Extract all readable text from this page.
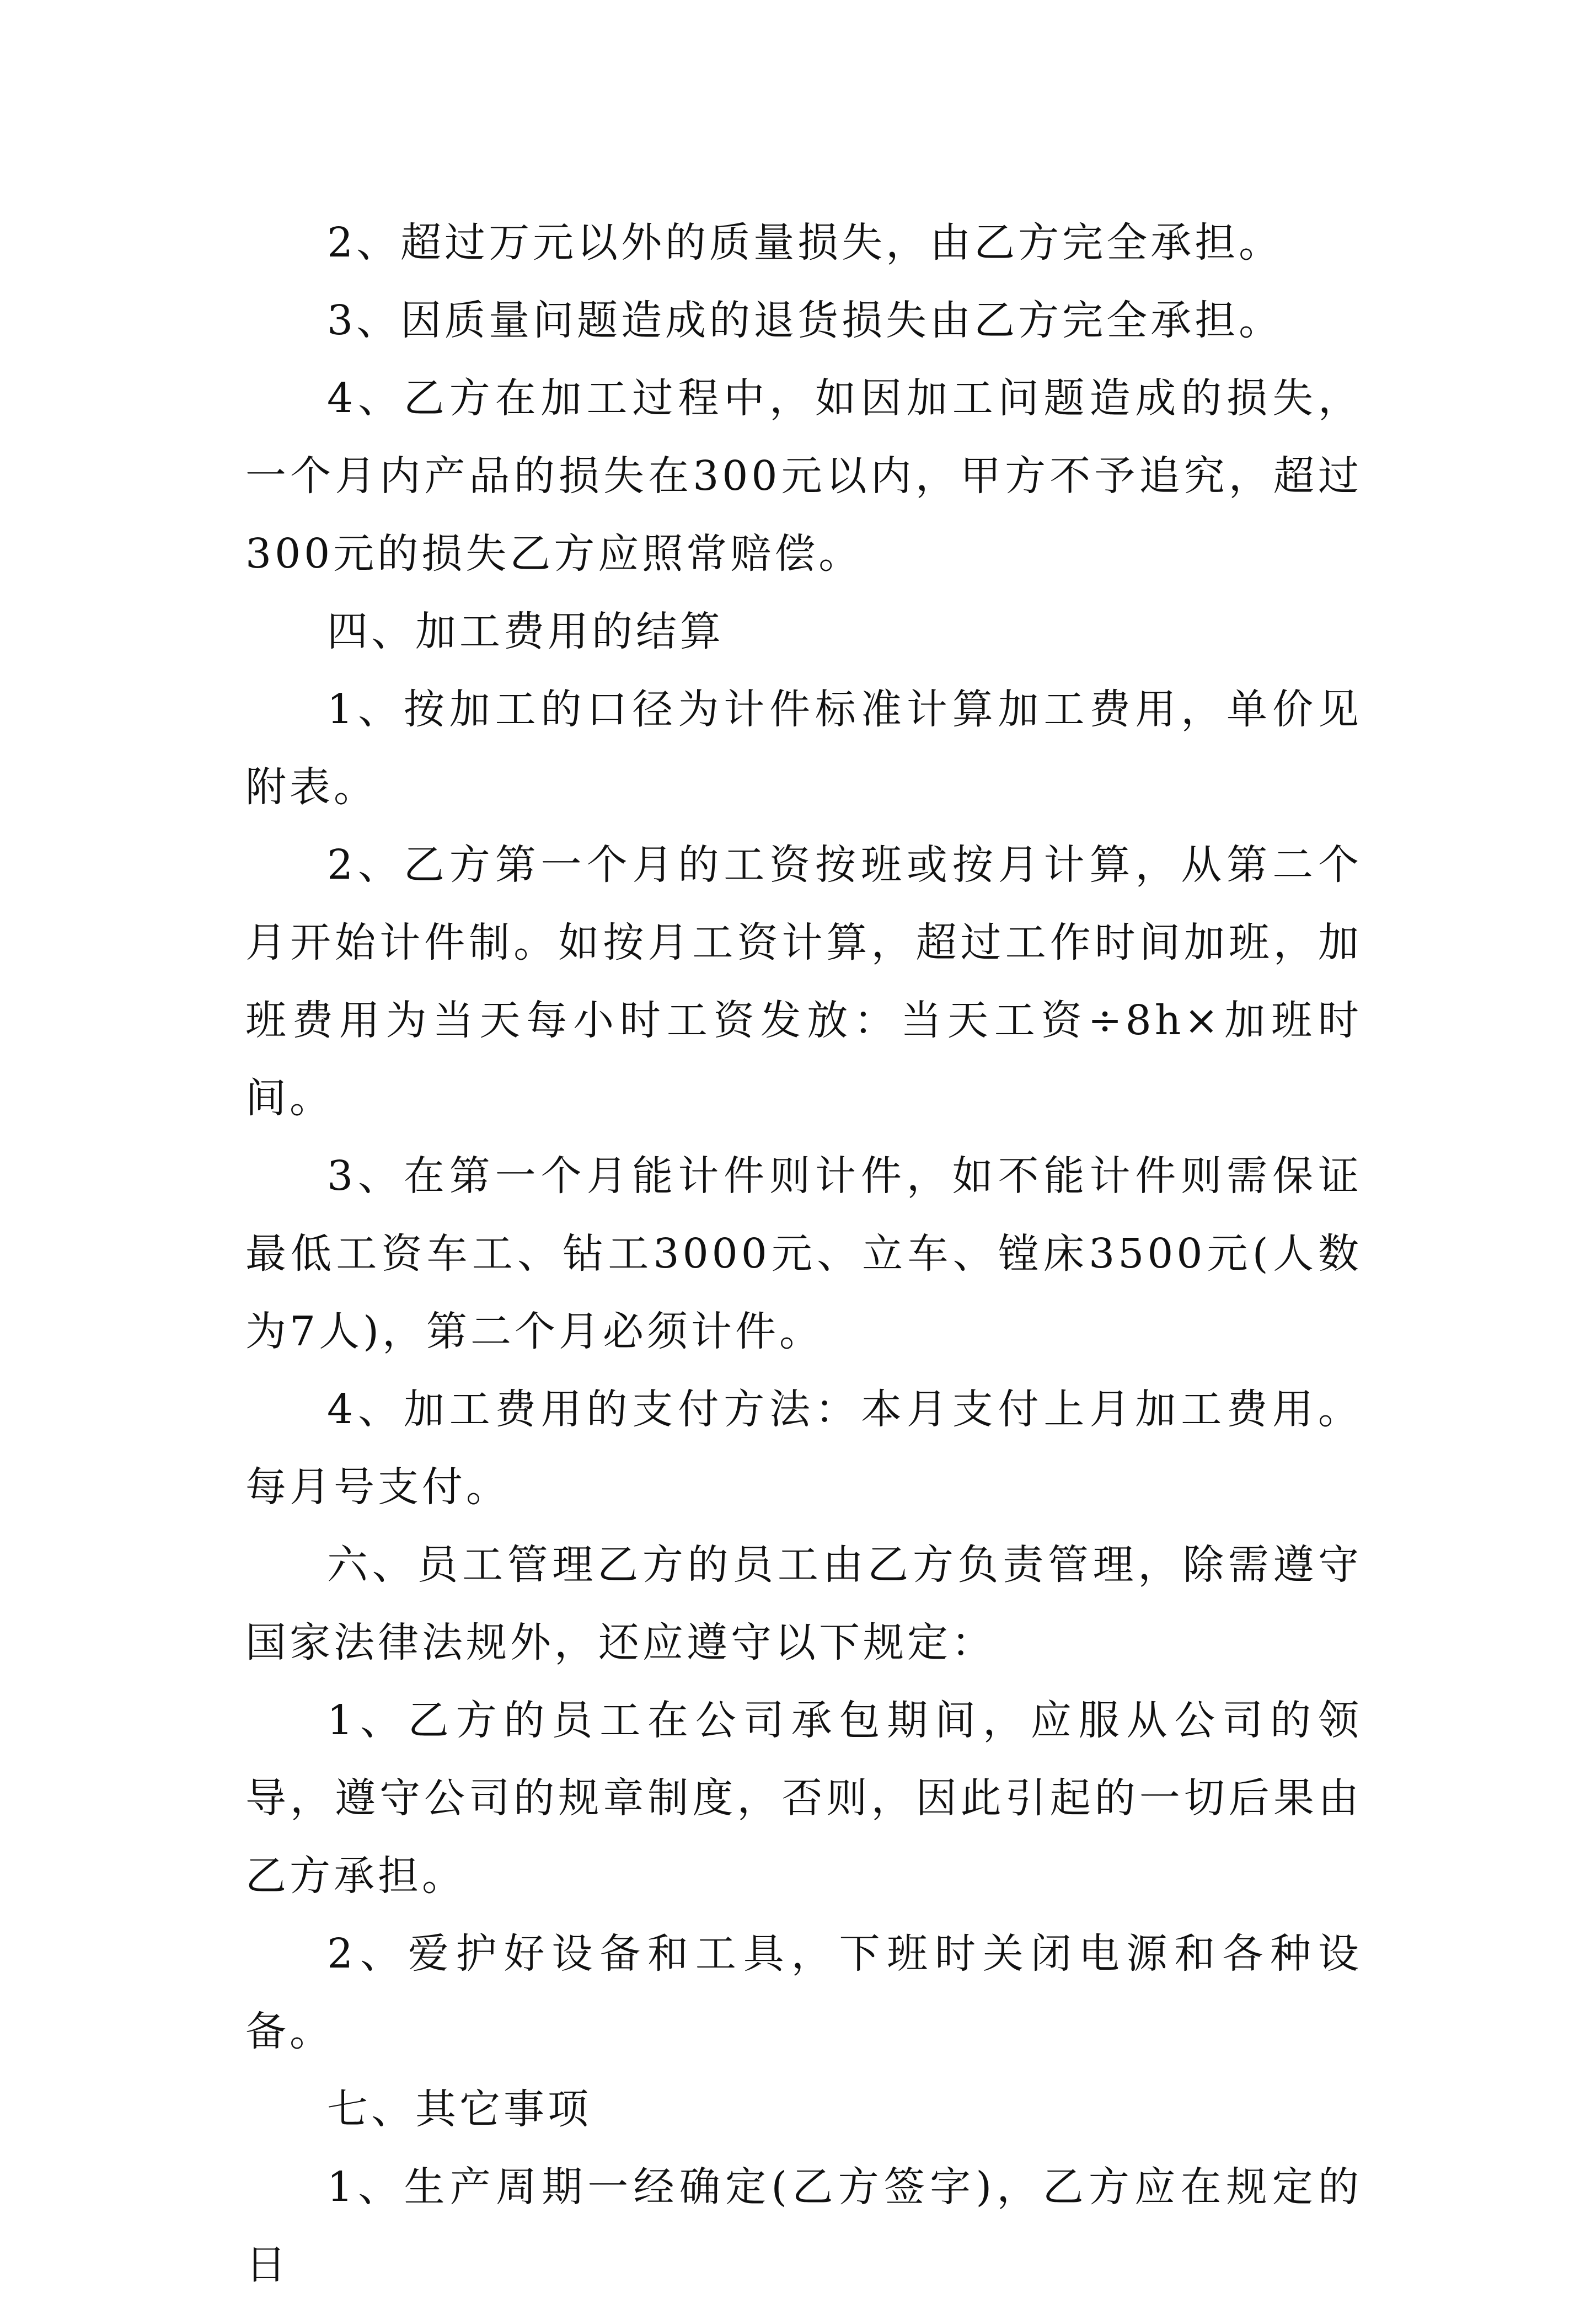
2、超过万元以外的质量损失，由乙方完全承担。

3、因质量问题造成的退货损失由乙方完全承担。

4、乙方在加工过程中，如因加工问题造成的损失，一个月内产品的损失在300元以内，甲方不予追究，超过300元的损失乙方应照常赔偿。

四、加工费用的结算

1、按加工的口径为计件标准计算加工费用，单价见附表。

2、乙方第一个月的工资按班或按月计算，从第二个月开始计件制。如按月工资计算，超过工作时间加班，加班费用为当天每小时工资发放：当天工资÷8h×加班时间。

3、在第一个月能计件则计件，如不能计件则需保证最低工资车工、钻工3000元、立车、镗床3500元(人数为7人)，第二个月必须计件。

4、加工费用的支付方法：本月支付上月加工费用。每月号支付。

六、员工管理乙方的员工由乙方负责管理，除需遵守国家法律法规外，还应遵守以下规定：

1、乙方的员工在公司承包期间，应服从公司的领导，遵守公司的规章制度，否则，因此引起的一切后果由乙方承担。

2、爱护好设备和工具，下班时关闭电源和各种设备。

七、其它事项

1、生产周期一经确定(乙方签字)，乙方应在规定的日
